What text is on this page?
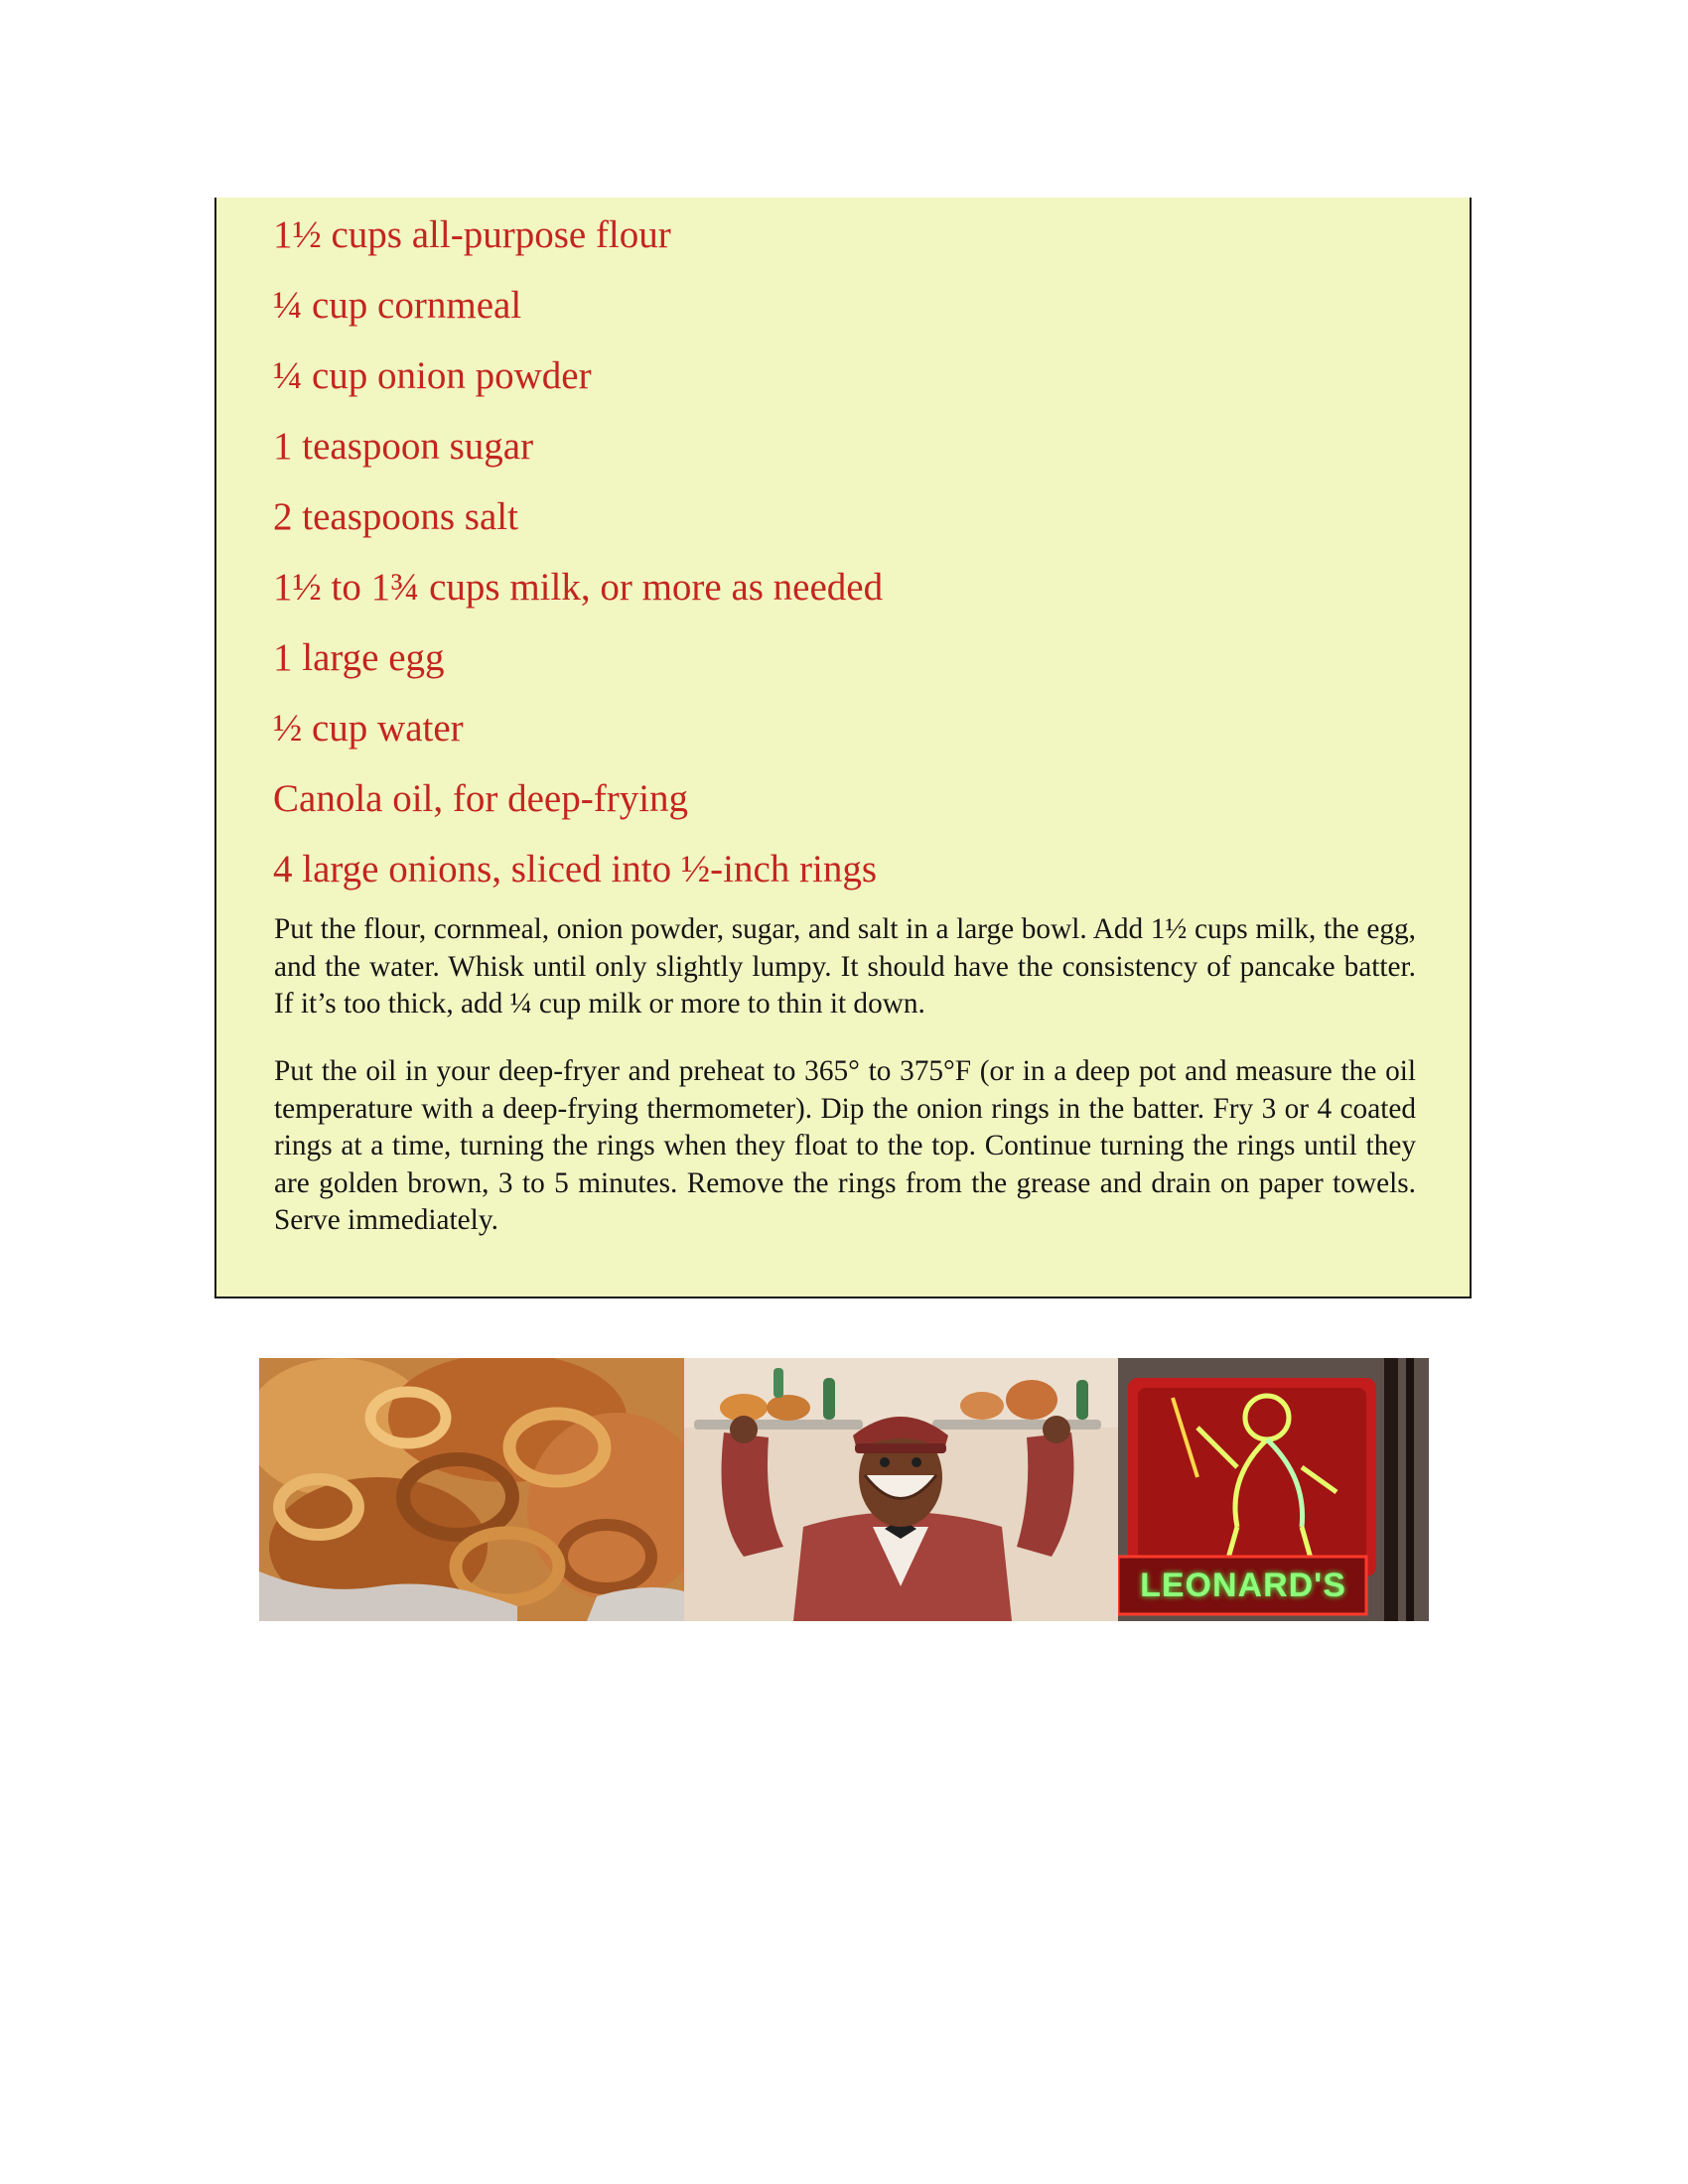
1½ cups all-purpose flour
¼ cup cornmeal
¼ cup onion powder
1 teaspoon sugar
2 teaspoons salt
1½ to 1¾ cups milk, or more as needed
1 large egg
½ cup water
Canola oil, for deep-frying
4 large onions, sliced into ½-inch rings

Put the flour, cornmeal, onion powder, sugar, and salt in a large bowl. Add 1½ cups milk, the egg, and the water. Whisk until only slightly lumpy. It should have the consistency of pancake batter. If it’s too thick, add ¼ cup milk or more to thin it down.

Put the oil in your deep-fryer and preheat to 365° to 375°F (or in a deep pot and measure the oil temperature with a deep-frying thermometer). Dip the onion rings in the batter. Fry 3 or 4 coated rings at a time, turning the rings when they float to the top. Continue turning the rings until they are golden brown, 3 to 5 minutes. Remove the rings from the grease and drain on paper towels. Serve immediately.

LEONARD'S
